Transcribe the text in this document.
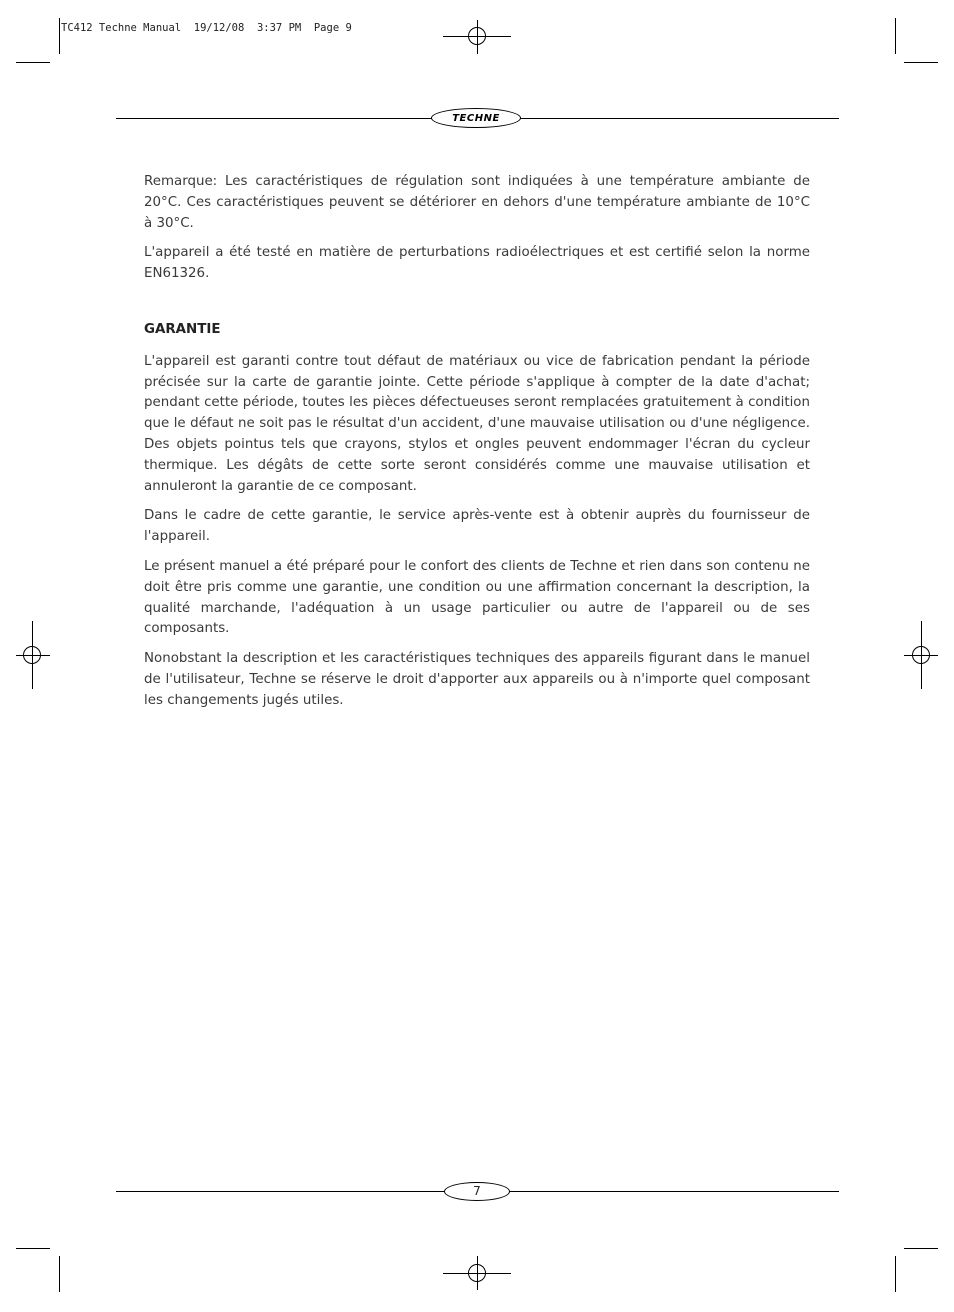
TC412 Techne Manual  19/12/08  3:37 PM  Page 9
TECHNE

Remarque: Les caractéristiques de régulation sont indiquées à une température ambiante de 20°C. Ces caractéristiques peuvent se détériorer en dehors d'une température ambiante de 10°C à 30°C.

L'appareil a été testé en matière de perturbations radioélectriques et est certifié selon la norme EN61326.

GARANTIE

L'appareil est garanti contre tout défaut de matériaux ou vice de fabrication pendant la période précisée sur la carte de garantie jointe. Cette période s'applique à compter de la date d'achat; pendant cette période, toutes les pièces défectueuses seront remplacées gratuitement à condition que le défaut ne soit pas le résultat d'un accident, d'une mauvaise utilisation ou d'une négligence. Des objets pointus tels que crayons, stylos et ongles peuvent endommager l'écran du cycleur thermique. Les dégâts de cette sorte seront considérés comme une mauvaise utilisation et annuleront la garantie de ce composant.

Dans le cadre de cette garantie, le service après-vente est à obtenir auprès du fournisseur de l'appareil.

Le présent manuel a été préparé pour le confort des clients de Techne et rien dans son contenu ne doit être pris comme une garantie, une condition ou une affirmation concernant la description, la qualité marchande, l'adéquation à un usage particulier ou autre de l'appareil ou de ses composants.

Nonobstant la description et les caractéristiques techniques des appareils figurant dans le manuel de l'utilisateur, Techne se réserve le droit d'apporter aux appareils ou à n'importe quel composant les changements jugés utiles.

7
